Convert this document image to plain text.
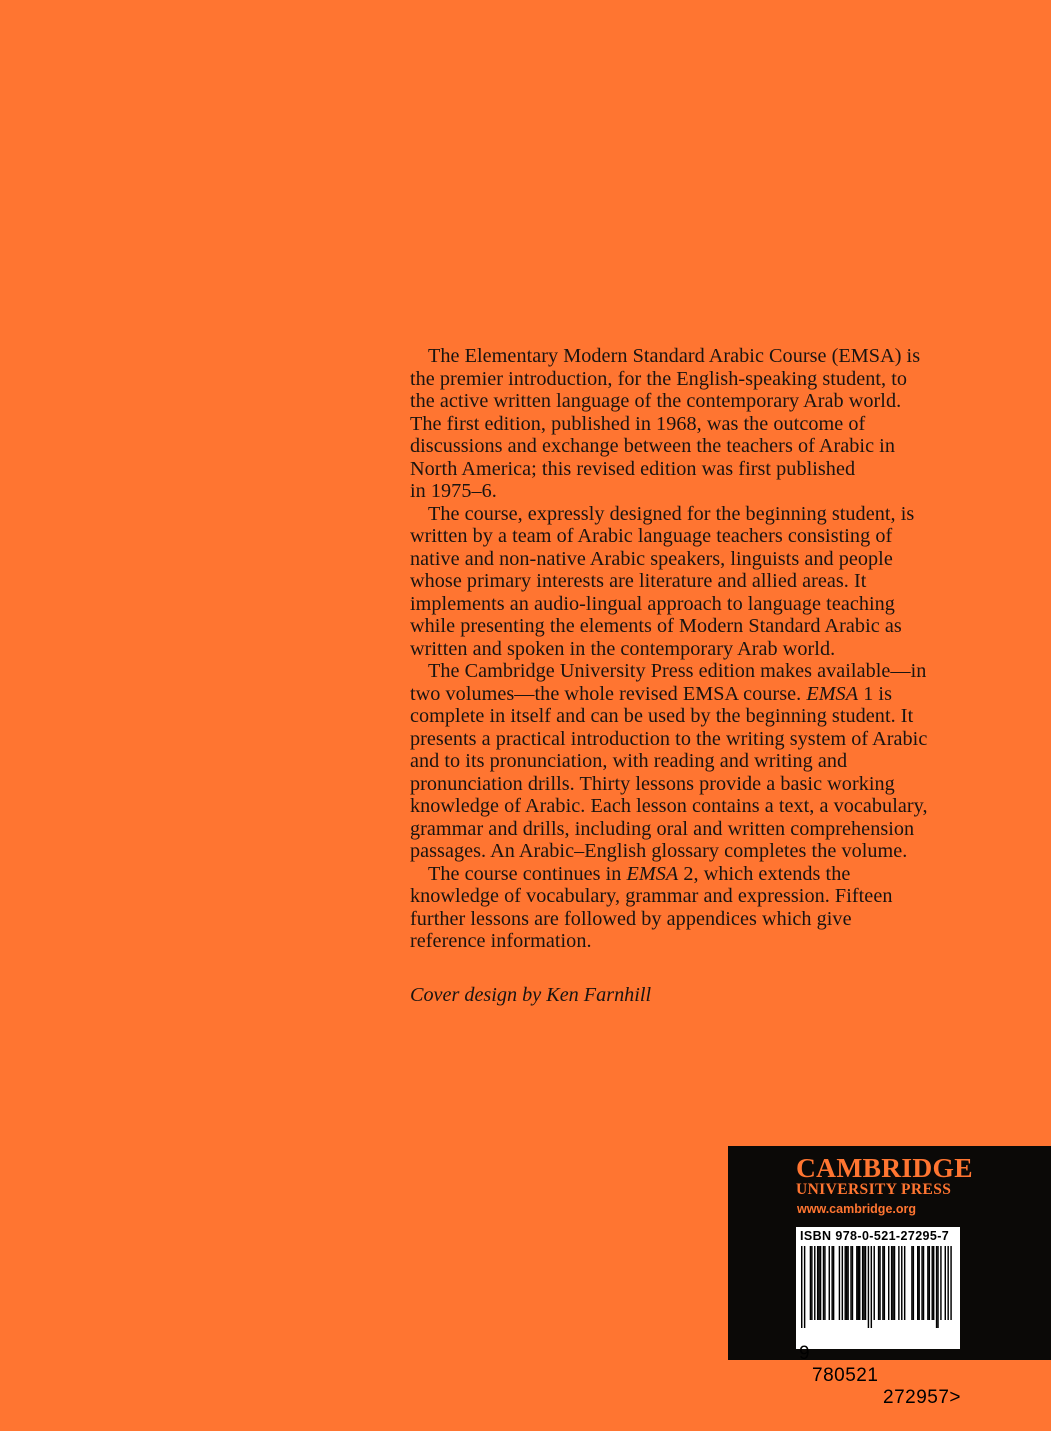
The Elementary Modern Standard Arabic Course (EMSA) is
the premier introduction, for the English-speaking student, to
the active written language of the contemporary Arab world.
The first edition, published in 1968, was the outcome of
discussions and exchange between the teachers of Arabic in
North America; this revised edition was first published
in 1975–6.
The course, expressly designed for the beginning student, is
written by a team of Arabic language teachers consisting of
native and non-native Arabic speakers, linguists and people
whose primary interests are literature and allied areas. It
implements an audio-lingual approach to language teaching
while presenting the elements of Modern Standard Arabic as
written and spoken in the contemporary Arab world.
The Cambridge University Press edition makes available—in
two volumes—the whole revised EMSA course. EMSA 1 is
complete in itself and can be used by the beginning student. It
presents a practical introduction to the writing system of Arabic
and to its pronunciation, with reading and writing and
pronunciation drills. Thirty lessons provide a basic working
knowledge of Arabic. Each lesson contains a text, a vocabulary,
grammar and drills, including oral and written comprehension
passages. An Arabic–English glossary completes the volume.
The course continues in EMSA 2, which extends the
knowledge of vocabulary, grammar and expression. Fifteen
further lessons are followed by appendices which give
reference information.
Cover design by Ken Farnhill
CAMBRIDGE
UNIVERSITY PRESS
www.cambridge.org
ISBN 978-0-521-27295-7

9

780521

272957>
